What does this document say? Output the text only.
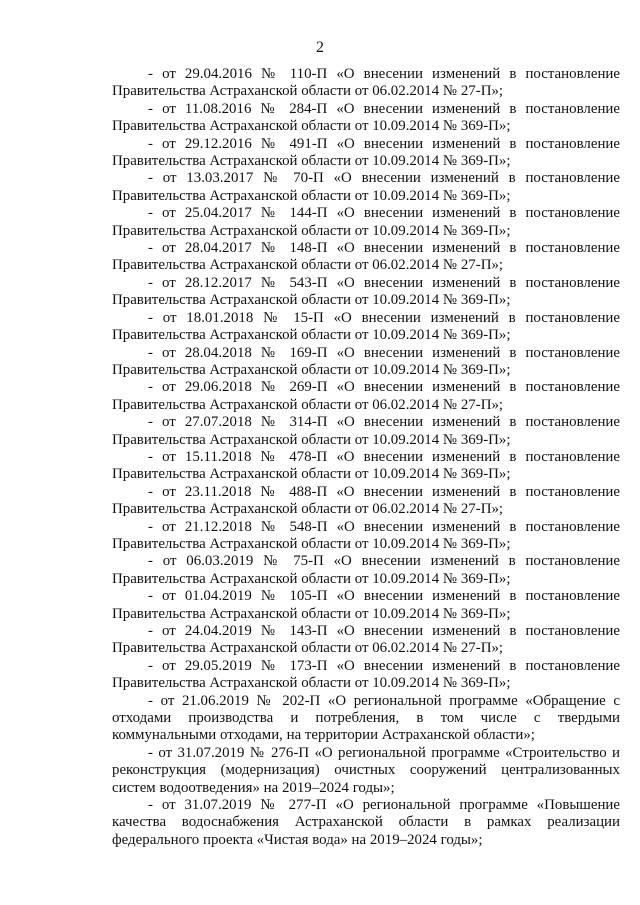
2

- от 29.04.2016 № 110-П «О внесении изменений в постановление Правительства Астраханской области от 06.02.2014 № 27-П»;

- от 11.08.2016 № 284-П «О внесении изменений в постановление Правительства Астраханской области от 10.09.2014 № 369-П»;

- от 29.12.2016 № 491-П «О внесении изменений в постановление Правительства Астраханской области от 10.09.2014 № 369-П»;

- от 13.03.2017 № 70-П «О внесении изменений в постановление Правительства Астраханской области от 10.09.2014 № 369-П»;

- от 25.04.2017 № 144-П «О внесении изменений в постановление Правительства Астраханской области от 10.09.2014 № 369-П»;

- от 28.04.2017 № 148-П «О внесении изменений в постановление Правительства Астраханской области от 06.02.2014 № 27-П»;

- от 28.12.2017 № 543-П «О внесении изменений в постановление Правительства Астраханской области от 10.09.2014 № 369-П»;

- от 18.01.2018 № 15-П «О внесении изменений в постановление Правительства Астраханской области от 10.09.2014 № 369-П»;

- от 28.04.2018 № 169-П «О внесении изменений в постановление Правительства Астраханской области от 10.09.2014 № 369-П»;

- от 29.06.2018 № 269-П «О внесении изменений в постановление Правительства Астраханской области от 06.02.2014 № 27-П»;

- от 27.07.2018 № 314-П «О внесении изменений в постановление Правительства Астраханской области от 10.09.2014 № 369-П»;

- от 15.11.2018 № 478-П «О внесении изменений в постановление Правительства Астраханской области от 10.09.2014 № 369-П»;

- от 23.11.2018 № 488-П «О внесении изменений в постановление Правительства Астраханской области от 06.02.2014 № 27-П»;

- от 21.12.2018 № 548-П «О внесении изменений в постановление Правительства Астраханской области от 10.09.2014 № 369-П»;

- от 06.03.2019 № 75-П «О внесении изменений в постановление Правительства Астраханской области от 10.09.2014 № 369-П»;

- от 01.04.2019 № 105-П «О внесении изменений в постановление Правительства Астраханской области от 10.09.2014 № 369-П»;

- от 24.04.2019 № 143-П «О внесении изменений в постановление Правительства Астраханской области от 06.02.2014 № 27-П»;

- от 29.05.2019 № 173-П «О внесении изменений в постановление Правительства Астраханской области от 10.09.2014 № 369-П»;

- от 21.06.2019 № 202-П «О региональной программе «Обращение с отходами производства и потребления, в том числе с твердыми коммунальными отходами, на территории Астраханской области»;

- от 31.07.2019 № 276-П «О региональной программе «Строительство и реконструкция (модернизация) очистных сооружений централизованных систем водоотведения» на 2019–2024 годы»;

- от 31.07.2019 № 277-П «О региональной программе «Повышение качества водоснабжения Астраханской области в рамках реализации федерального проекта «Чистая вода» на 2019–2024 годы»;
